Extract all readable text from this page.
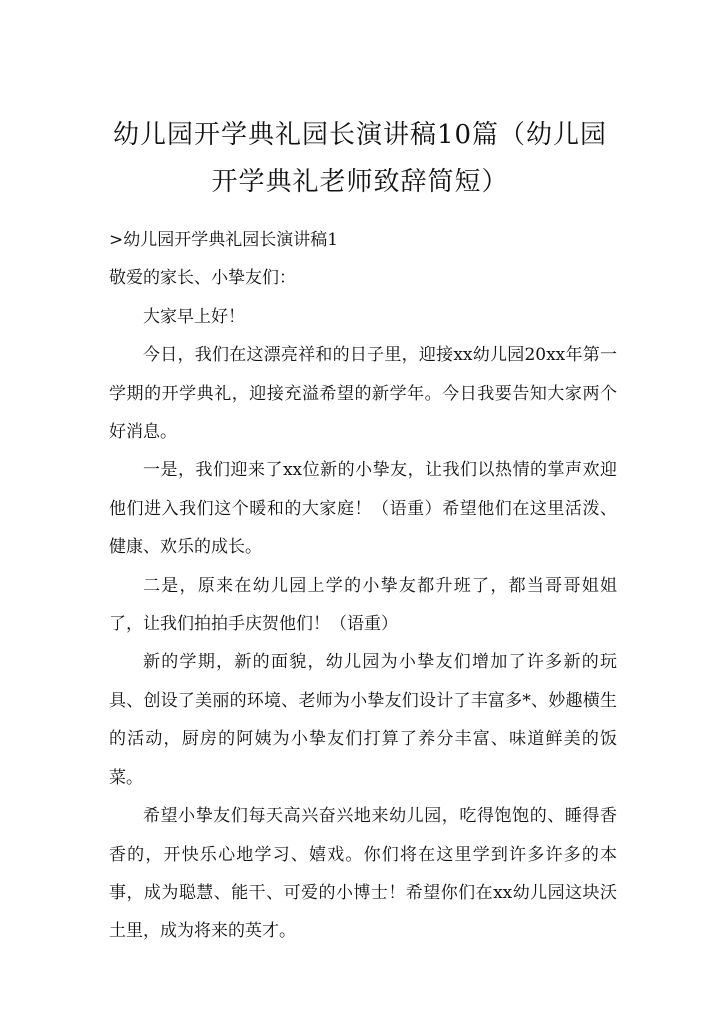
幼儿园开学典礼园长演讲稿10篇（幼儿园
开学典礼老师致辞简短）

>幼儿园开学典礼园长演讲稿1

敬爱的家长、小挚友们：

大家早上好！

今日，我们在这漂亮祥和的日子里，迎接xx幼儿园20xx年第一学期的开学典礼，迎接充溢希望的新学年。今日我要告知大家两个好消息。

一是，我们迎来了xx位新的小挚友，让我们以热情的掌声欢迎他们进入我们这个暖和的大家庭！（语重）希望他们在这里活泼、健康、欢乐的成长。

二是，原来在幼儿园上学的小挚友都升班了，都当哥哥姐姐了，让我们拍拍手庆贺他们！（语重）

新的学期，新的面貌，幼儿园为小挚友们增加了许多新的玩具、创设了美丽的环境、老师为小挚友们设计了丰富多*、妙趣横生的活动，厨房的阿姨为小挚友们打算了养分丰富、味道鲜美的饭菜。

希望小挚友们每天高兴奋兴地来幼儿园，吃得饱饱的、睡得香香的，开快乐心地学习、嬉戏。你们将在这里学到许多许多的本事，成为聪慧、能干、可爱的小博士！希望你们在xx幼儿园这块沃土里，成为将来的英才。
